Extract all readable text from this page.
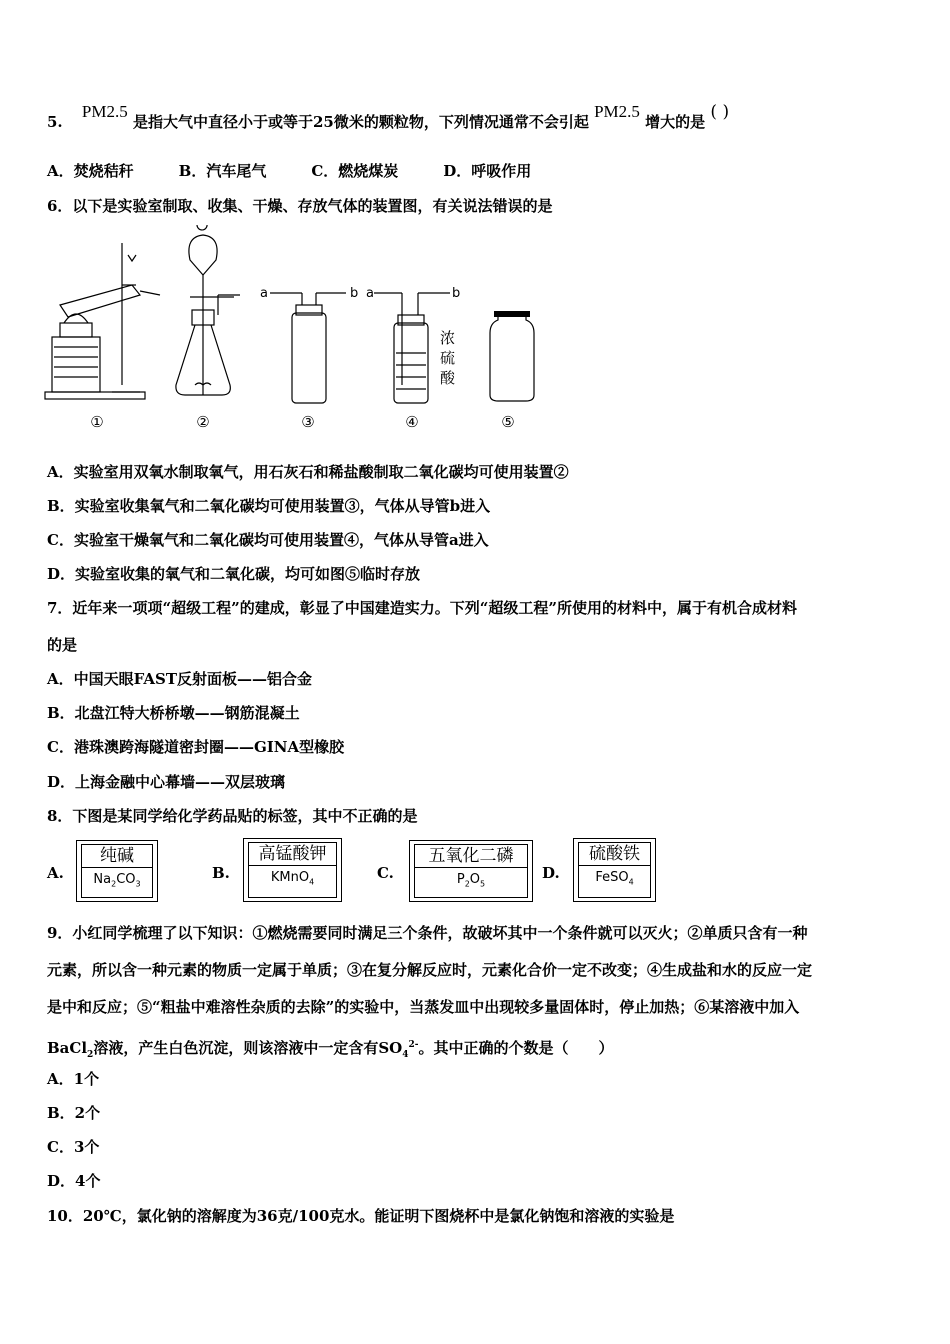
5. PM2.5 是指大气中直径小于或等于25微米的颗粒物，下列情况通常不会引起 PM2.5 增大的是 ( )
A．焚烧秸秆　　　B．汽车尾气　　　C．燃烧煤炭　　　D．呼吸作用
6．以下是实验室制取、收集、干燥、存放气体的装置图，有关说法错误的是
a	b a	b
浓
硫
酸
①	②	③	④	⑤
A．实验室用双氧水制取氧气，用石灰石和稀盐酸制取二氧化碳均可使用装置②
B．实验室收集氧气和二氧化碳均可使用装置③，气体从导管b进入
C．实验室干燥氧气和二氧化碳均可使用装置④，气体从导管a进入
D．实验室收集的氧气和二氧化碳，均可如图⑤临时存放
7．近年来一项项“超级工程”的建成，彰显了中国建造实力。下列“超级工程”所使用的材料中，属于有机合成材料
的是
A．中国天眼FAST反射面板——铝合金
B．北盘江特大桥桥墩——钢筋混凝土
C．港珠澳跨海隧道密封圈——GINA型橡胶
D．上海金融中心幕墙——双层玻璃
8．下图是某同学给化学药品贴的标签，其中不正确的是
A.
纯碱
$Na_2CO_3$
B.
高锰酸钾
KMnO$_4$
C.
五氧化二磷
$P_2O_5$
D.
硫酸铁
FeSO$_4$
9．小红同学梳理了以下知识：①燃烧需要同时满足三个条件，故破坏其中一个条件就可以灭火；②单质只含有一种
元素，所以含一种元素的物质一定属于单质；③在复分解反应时，元素化合价一定不改变；④生成盐和水的反应一定
是中和反应；⑤“粗盐中难溶性杂质的去除”的实验中，当蒸发皿中出现较多量固体时，停止加热；⑥某溶液中加入
BaCl$_2$溶液，产生白色沉淀，则该溶液中一定含有$SO_4^{2-}$。其中正确的个数是（　　）
A．1个
B．2个
C．3个
D．4个
10．20℃，氯化钠的溶解度为36克/100克水。能证明下图烧杯中是氯化钠饱和溶液的实验是
